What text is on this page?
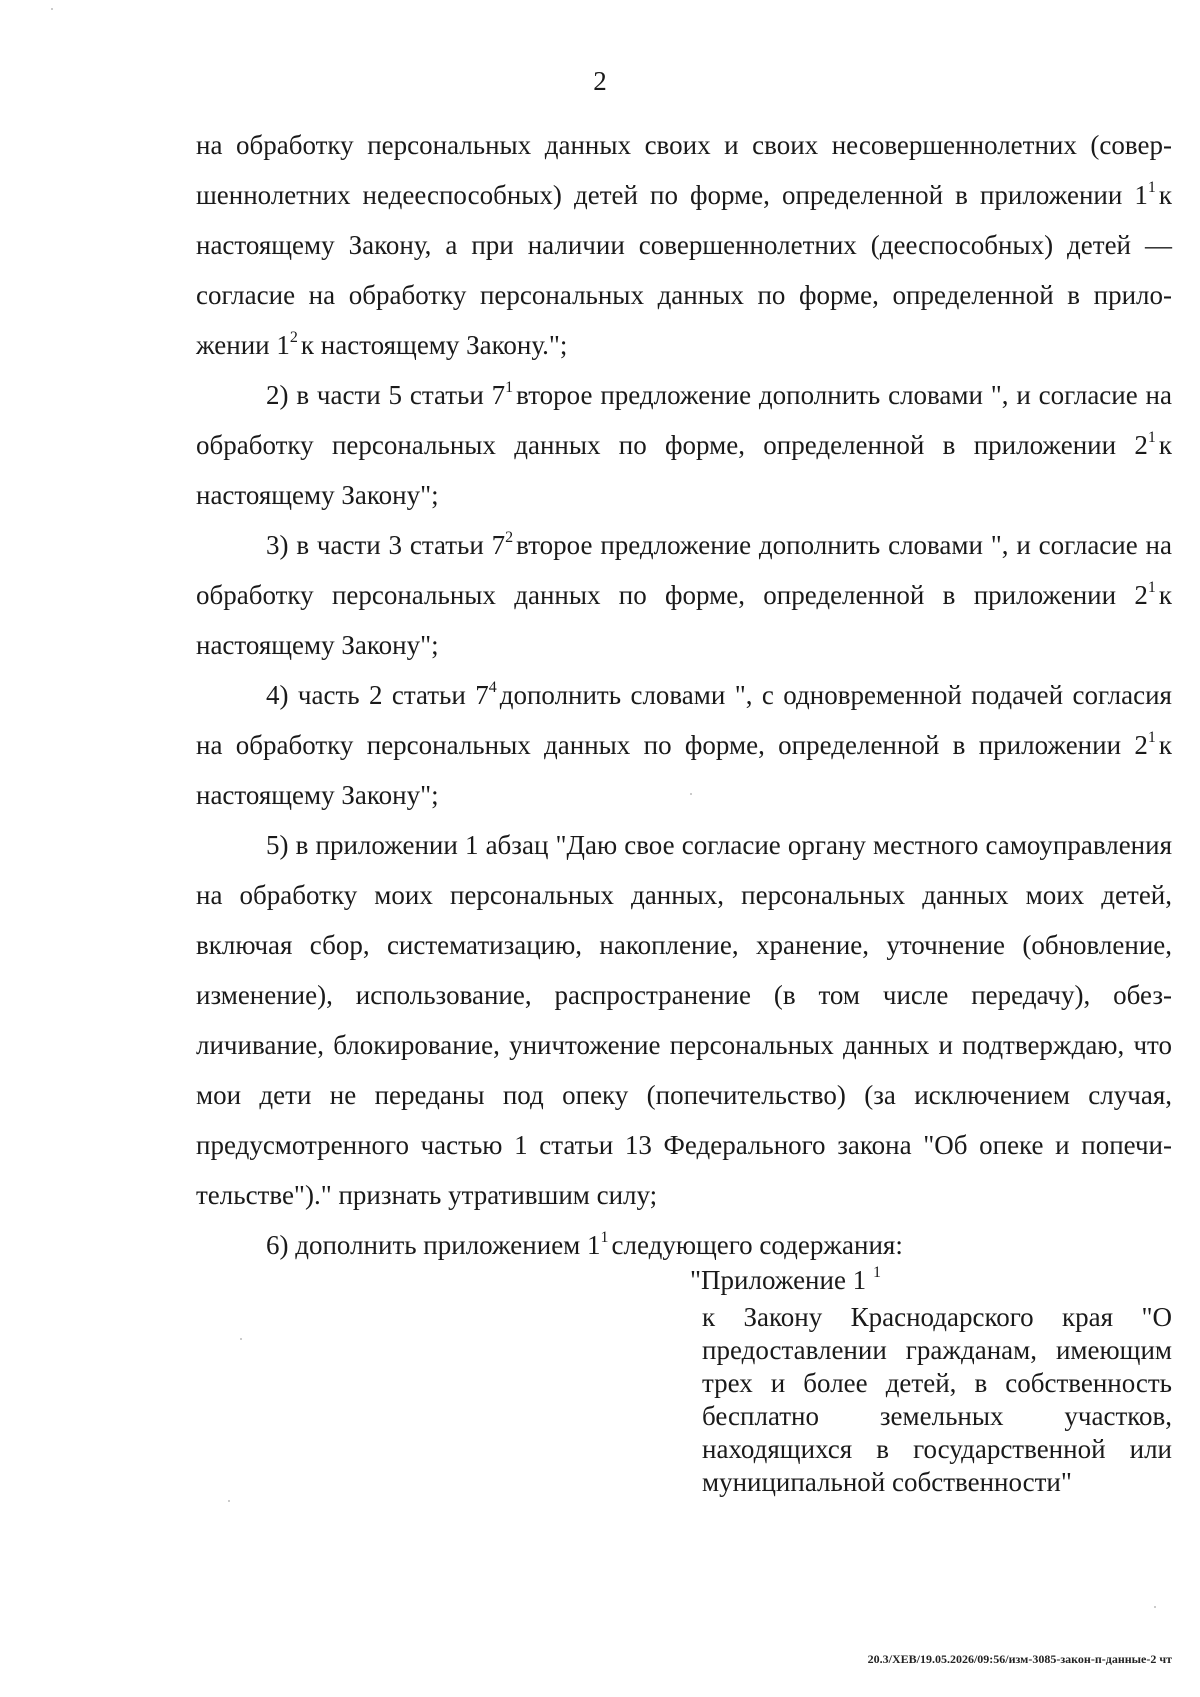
2

на обработку персональных данных своих и своих несовершеннолетних (совершеннолетних недееспособных) детей по форме, определенной в приложении $1^1$ к настоящему Закону, а при наличии совершеннолетних (дееспособных) детей — согласие на обработку персональных данных по форме, определенной в приложении $1^2$ к настоящему Закону.";

2) в части 5 статьи $7^1$ второе предложение дополнить словами ", и согласие на обработку персональных данных по форме, определенной в приложении $2^1$ к настоящему Закону";

3) в части 3 статьи $7^2$ второе предложение дополнить словами ", и согласие на обработку персональных данных по форме, определенной в приложении $2^1$ к настоящему Закону";

4) часть 2 статьи $7^4$ дополнить словами ", с одновременной подачей согласия на обработку персональных данных по форме, определенной в приложении $2^1$ к настоящему Закону";

5) в приложении 1 абзац "Даю свое согласие органу местного самоуправления на обработку моих персональных данных, персональных данных моих детей, включая сбор, систематизацию, накопление, хранение, уточнение (обновление, изменение), использование, распространение (в том числе передачу), обезличивание, блокирование, уничтожение персональных данных и подтверждаю, что мои дети не переданы под опеку (попечительство) (за исключением случая, предусмотренного частью 1 статьи 13 Федерального закона "Об опеке и попечительстве")." признать утратившим силу;

6) дополнить приложением $1^1$ следующего содержания:

"Приложение 1 $^1$

к Закону Краснодарского края "О предоставлении гражданам, имеющим трех и более детей, в собственность бесплатно земельных участков, находящихся в государственной или муниципальной собственности"

20.3/ХЕВ/19.05.2026/09:56/изм-3085-закон-п-данные-2 чт
